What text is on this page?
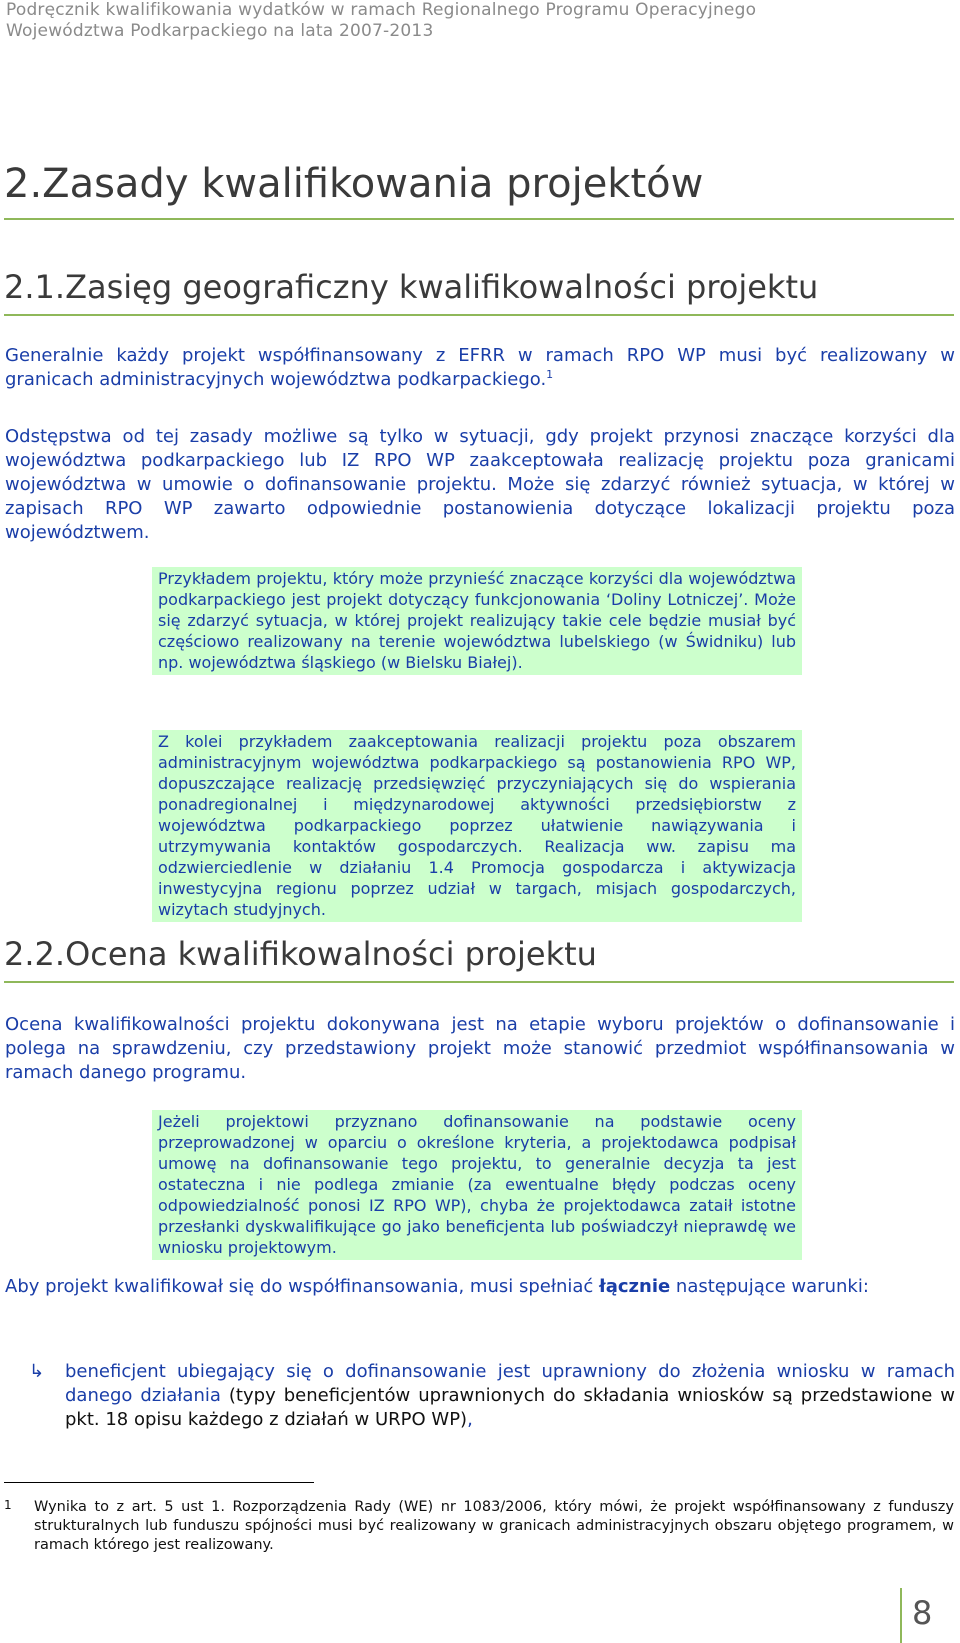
Podręcznik kwalifikowania wydatków w ramach Regionalnego Programu Operacyjnego
Województwa Podkarpackiego na lata 2007-2013
2.Zasady kwalifikowania projektów
2.1.Zasięg geograficzny kwalifikowalności projektu

Generalnie każdy projekt współfinansowany z EFRR w ramach RPO WP musi być realizowany w granicach administracyjnych województwa podkarpackiego.$^1$

Odstępstwa od tej zasady możliwe są tylko w sytuacji, gdy projekt przynosi znaczące korzyści dla województwa podkarpackiego lub IZ RPO WP zaakceptowała realizację projektu poza granicami województwa w umowie o dofinansowanie projektu. Może się zdarzyć również sytuacja, w której w zapisach RPO WP zawarto odpowiednie postanowienia dotyczące lokalizacji projektu poza województwem.

Przykładem projektu, który może przynieść znaczące korzyści dla województwa podkarpackiego jest projekt dotyczący funkcjonowania ‘Doliny Lotniczej’. Może się zdarzyć sytuacja, w której projekt realizujący takie cele będzie musiał być częściowo realizowany na terenie województwa lubelskiego (w Świdniku) lub np. województwa śląskiego (w Bielsku Białej).
Z kolei przykładem zaakceptowania realizacji projektu poza obszarem administracyjnym województwa podkarpackiego są postanowienia RPO WP, dopuszczające realizację przedsięwzięć przyczyniających się do wspierania ponadregionalnej i międzynarodowej aktywności przedsiębiorstw z województwa podkarpackiego poprzez ułatwienie nawiązywania i utrzymywania kontaktów gospodarczych. Realizacja ww. zapisu ma odzwierciedlenie w działaniu 1.4 Promocja gospodarcza i aktywizacja inwestycyjna regionu poprzez udział w targach, misjach gospodarczych, wizytach studyjnych.
2.2.Ocena kwalifikowalności projektu

Ocena kwalifikowalności projektu dokonywana jest na etapie wyboru projektów o dofinansowanie i polega na sprawdzeniu, czy przedstawiony projekt może stanowić przedmiot współfinansowania w ramach danego programu.

Jeżeli projektowi przyznano dofinansowanie na podstawie oceny przeprowadzonej w oparciu o określone kryteria, a projektodawca podpisał umowę na dofinansowanie tego projektu, to generalnie decyzja ta jest ostateczna i nie podlega zmianie (za ewentualne błędy podczas oceny odpowiedzialność ponosi IZ RPO WP), chyba że projektodawca zataił istotne przesłanki dyskwalifikujące go jako beneficjenta lub poświadczył nieprawdę we wniosku projektowym.

Aby projekt kwalifikował się do współfinansowania, musi spełniać łącznie następujące warunki:

↳ beneficjent ubiegający się o dofinansowanie jest uprawniony do złożenia wniosku w ramach danego działania (typy beneficjentów uprawnionych do składania wniosków są przedstawione w pkt. 18 opisu każdego z działań w URPO WP),
1 Wynika to z art. 5 ust 1. Rozporządzenia Rady (WE) nr 1083/2006, który mówi, że projekt współfinansowany z funduszy strukturalnych lub funduszu spójności musi być realizowany w granicach administracyjnych obszaru objętego programem, w ramach którego jest realizowany.
8
